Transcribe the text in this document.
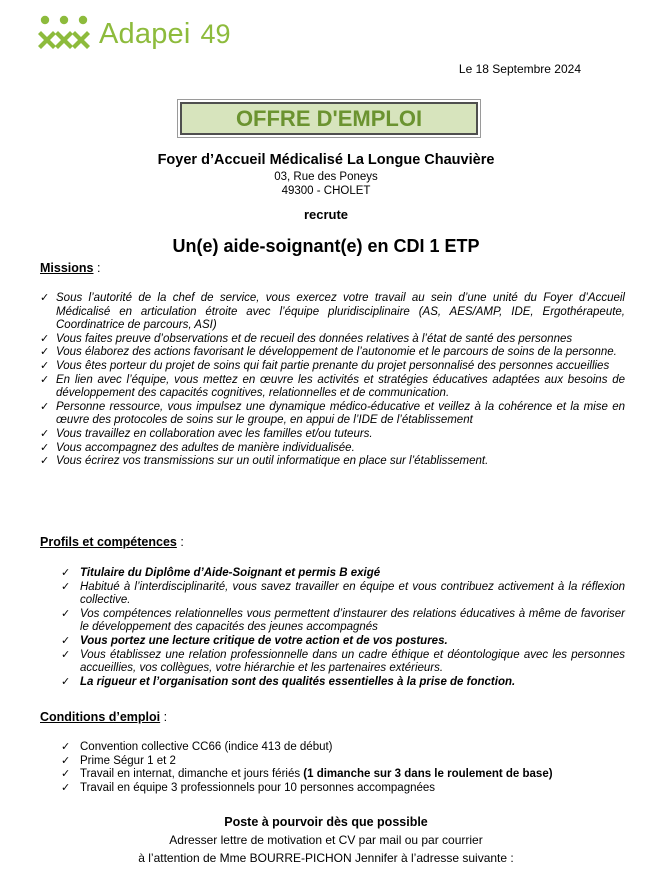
Adapei 49
Le 18 Septembre 2024
OFFRE D'EMPLOI
Foyer d’Accueil Médicalisé La Longue Chauvière
03, Rue des Poneys
49300 - CHOLET
recrute
Un(e) aide-soignant(e) en CDI 1 ETP
Missions :
✓ Sous l’autorité de la chef de service, vous exercez votre travail au sein d’une unité du Foyer d’Accueil Médicalisé en articulation étroite avec l’équipe pluridisciplinaire (AS, AES/AMP, IDE, Ergothérapeute, Coordinatrice de parcours, ASI)
✓ Vous faites preuve d’observations et de recueil des données relatives à l’état de santé des personnes
✓ Vous élaborez des actions favorisant le développement de l’autonomie et le parcours de soins de la personne.
✓ Vous êtes porteur du projet de soins qui fait partie prenante du projet personnalisé des personnes accueillies
✓ En lien avec l’équipe, vous mettez en œuvre les activités et stratégies éducatives adaptées aux besoins de développement des capacités cognitives, relationnelles et de communication.
✓ Personne ressource, vous impulsez une dynamique médico-éducative et veillez à la cohérence et la mise en œuvre des protocoles de soins sur le groupe, en appui de l’IDE de l’établissement
✓ Vous travaillez en collaboration avec les familles et/ou tuteurs.
✓ Vous accompagnez des adultes de manière individualisée.
✓ Vous écrirez vos transmissions sur un outil informatique en place sur l’établissement.
Profils et compétences :
✓ Titulaire du Diplôme d’Aide-Soignant et permis B exigé
✓ Habitué à l’interdisciplinarité, vous savez travailler en équipe et vous contribuez activement à la réflexion collective.
✓ Vos compétences relationnelles vous permettent d’instaurer des relations éducatives à même de favoriser le développement des capacités des jeunes accompagnés
✓ Vous portez une lecture critique de votre action et de vos postures.
✓ Vous établissez une relation professionnelle dans un cadre éthique et déontologique avec les personnes accueillies, vos collègues, votre hiérarchie et les partenaires extérieurs.
✓ La rigueur et l’organisation sont des qualités essentielles à la prise de fonction.
Conditions d’emploi :
✓ Convention collective CC66 (indice 413 de début)
✓ Prime Ségur 1 et 2
✓ Travail en internat, dimanche et jours fériés (1 dimanche sur 3 dans le roulement de base)
✓ Travail en équipe 3 professionnels pour 10 personnes accompagnées
Poste à pourvoir dès que possible
Adresser lettre de motivation et CV par mail ou par courrier
à l’attention de Mme BOURRE-PICHON Jennifer à l’adresse suivante :
